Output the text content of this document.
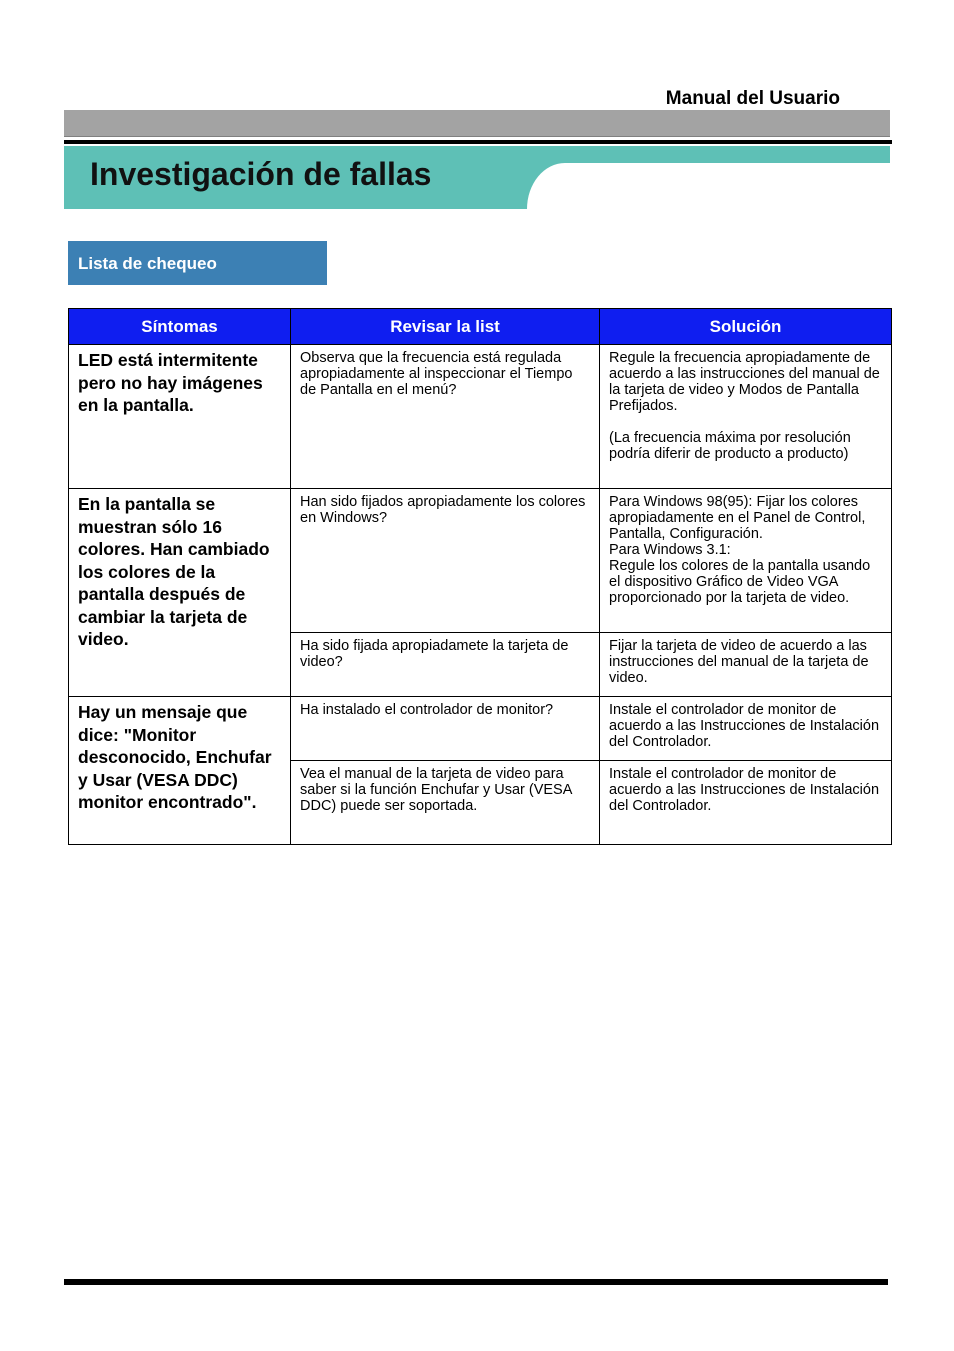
Manual del Usuario
Investigación de fallas
Lista de chequeo
Síntomas	Revisar la list	Solución
LED está intermitente pero no hay imágenes en la pantalla.	Observa que la frecuencia está regulada apropiadamente al inspeccionar el Tiempo de Pantalla en el menú?	Regule la frecuencia apropiadamente de acuerdo a las instrucciones del manual de la tarjeta de video y Modos de Pantalla Prefijados.
(La frecuencia máxima por resolución podría diferir de producto a producto)

En la pantalla se muestran sólo 16 colores. Han cambiado los colores de la pantalla después de cambiar la tarjeta de video.	Han sido fijados apropiadamente los colores en Windows?	Para Windows 98(95): Fijar los colores apropiadamente en el Panel de Control, Pantalla, Configuración.
Para Windows 3.1:
Regule los colores de la pantalla usando el dispositivo Gráfico de Video VGA proporcionado por la tarjeta de video.

	Ha sido fijada apropiadamete la tarjeta de video?	Fijar la tarjeta de video de acuerdo a las instrucciones del manual de la tarjeta de video.

Hay un mensaje que dice: "Monitor desconocido, Enchufar y Usar (VESA DDC) monitor encontrado".	Ha instalado el controlador de monitor?	Instale el controlador de monitor de acuerdo a las Instrucciones de Instalación del Controlador.

	Vea el manual de la tarjeta de video para saber si la función Enchufar y Usar (VESA DDC) puede ser soportada.	Instale el controlador de monitor de acuerdo a las Instrucciones de Instalación del Controlador.
